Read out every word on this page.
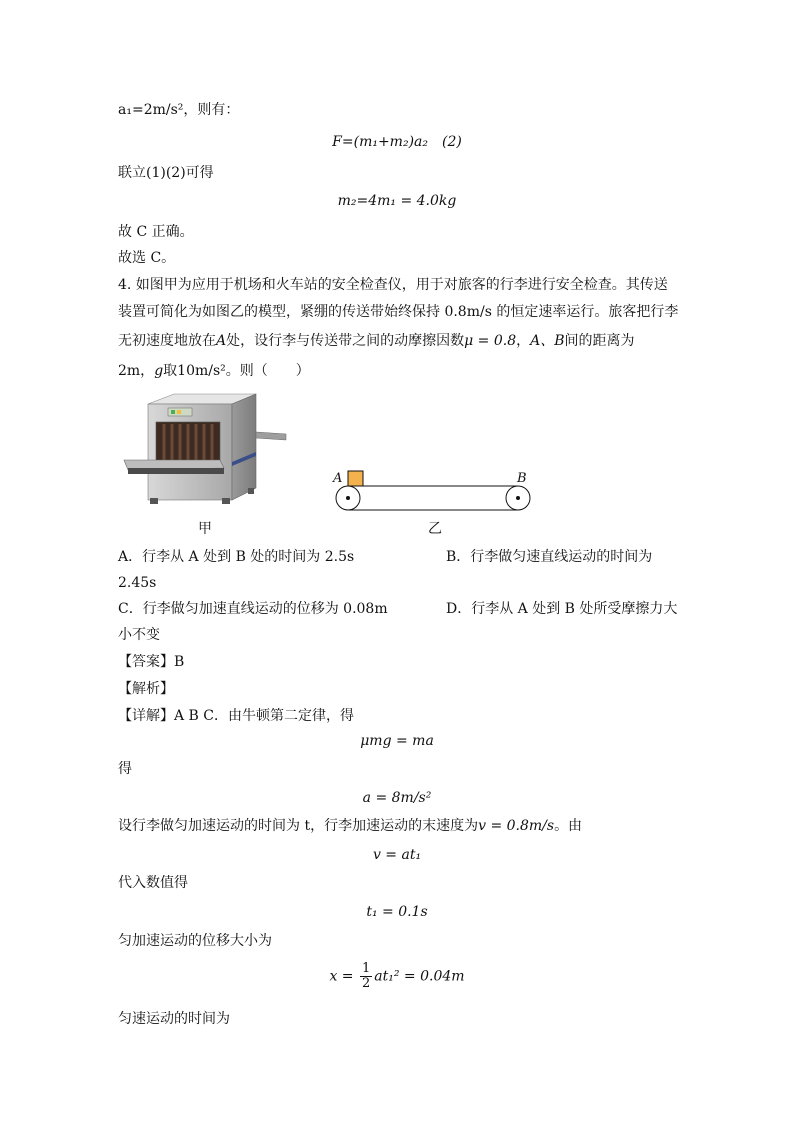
a₁=2m/s²，则有：
F=(m₁+m₂)a₂　(2)
联立(1)(2)可得
m₂=4m₁ = 4.0kg
故 C 正确。
故选 C。
4. 如图甲为应用于机场和火车站的安全检查仪，用于对旅客的行李进行安全检查。其传送
装置可简化为如图乙的模型，紧绷的传送带始终保持 0.8m/s 的恒定速率运行。旅客把行李
无初速度地放在A处，设行李与传送带之间的动摩擦因数μ = 0.8，A、B间的距离为
2m，g取10m/s²。则（　　）
甲
A	B
乙
A．行李从 A 处到 B 处的时间为 2.5s	B．行李做匀速直线运动的时间为
2.45s
C．行李做匀加速直线运动的位移为 0.08m	D．行李从 A 处到 B 处所受摩擦力大
小不变
【答案】B
【解析】
【详解】A B C．由牛顿第二定律，得
μmg = ma
得
a = 8m/s²
设行李做匀加速运动的时间为 t，行李加速运动的末速度为v = 0.8m/s。由
v = at₁
代入数值得
t₁ = 0.1s
匀加速运动的位移大小为
$x = \frac{1}{2} at_1^2 = 0.04m$
匀速运动的时间为
